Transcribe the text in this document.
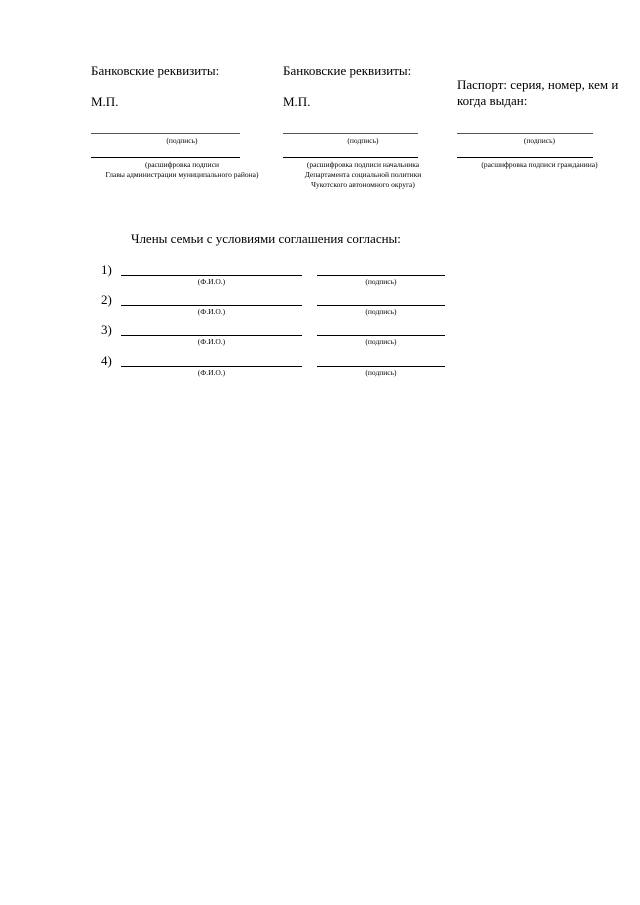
Банковские реквизиты:
М.П.
(подпись)
(расшифровка подписи
Главы администрации муниципального района)
Банковские реквизиты:
М.П.
(подпись)
(расшифровка подписи начальника
Департамента социальной политики
Чукотского автономного округа)
Паспорт: серия, номер, кем и
когда выдан:
(подпись)
(расшифровка подписи гражданина)
Члены семьи с условиями соглашения согласны:
1)
(Ф.И.О.)	(подпись)
2)
(Ф.И.О.)	(подпись)
3)
(Ф.И.О.)	(подпись)
4)
(Ф.И.О.)	(подпись)
